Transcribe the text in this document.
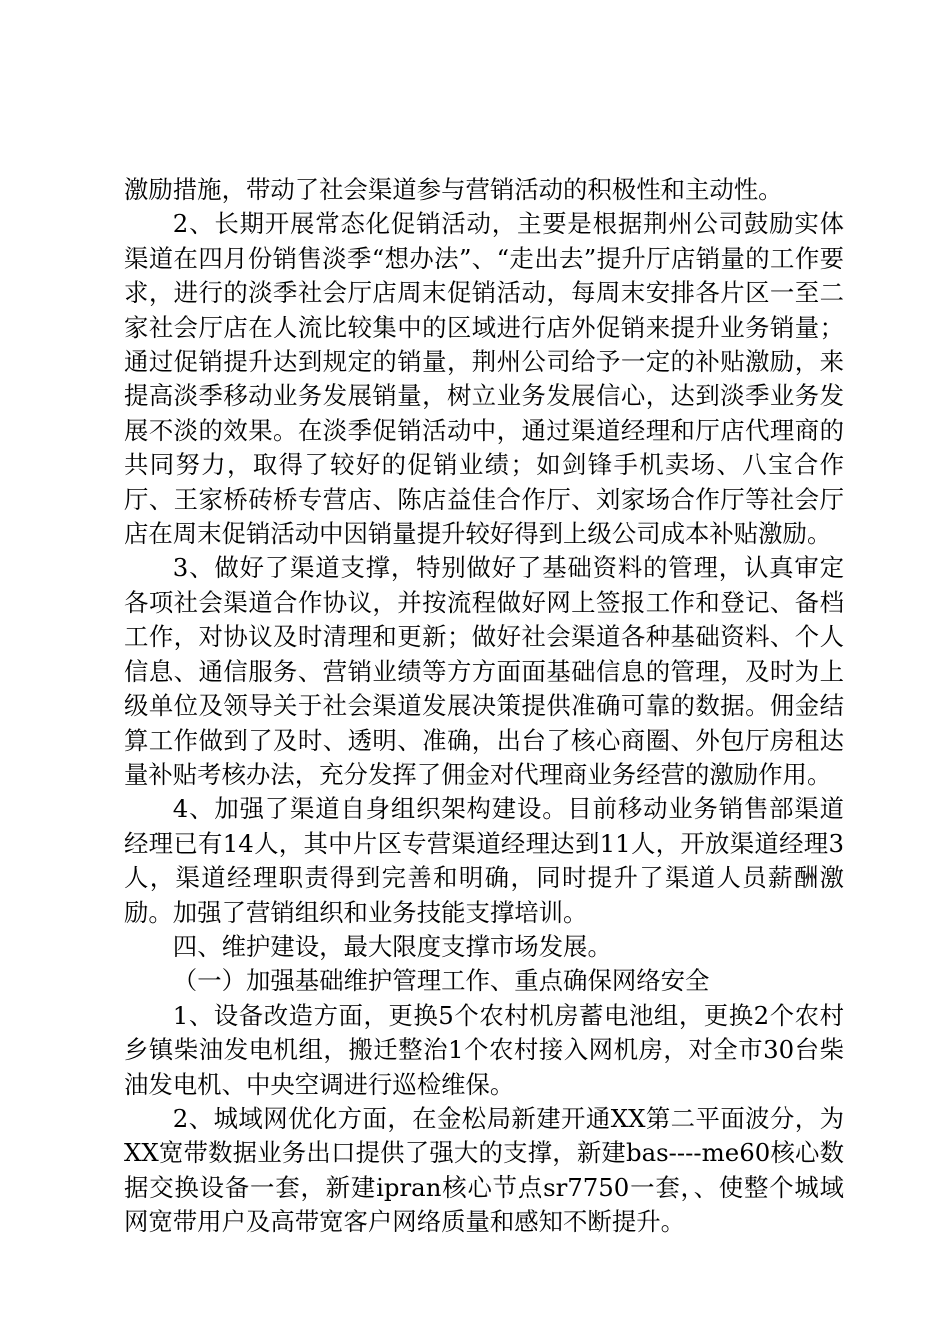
激励措施，带动了社会渠道参与营销活动的积极性和主动性。

2、长期开展常态化促销活动，主要是根据荆州公司鼓励实体渠道在四月份销售淡季“想办法”、“走出去”提升厅店销量的工作要求，进行的淡季社会厅店周末促销活动，每周末安排各片区一至二家社会厅店在人流比较集中的区域进行店外促销来提升业务销量；通过促销提升达到规定的销量，荆州公司给予一定的补贴激励，来提高淡季移动业务发展销量，树立业务发展信心，达到淡季业务发展不淡的效果。在淡季促销活动中，通过渠道经理和厅店代理商的共同努力，取得了较好的促销业绩；如剑锋手机卖场、八宝合作厅、王家桥砖桥专营店、陈店益佳合作厅、刘家场合作厅等社会厅店在周末促销活动中因销量提升较好得到上级公司成本补贴激励。

3、做好了渠道支撑，特别做好了基础资料的管理，认真审定各项社会渠道合作协议，并按流程做好网上签报工作和登记、备档工作，对协议及时清理和更新；做好社会渠道各种基础资料、个人信息、通信服务、营销业绩等方方面面基础信息的管理，及时为上级单位及领导关于社会渠道发展决策提供准确可靠的数据。佣金结算工作做到了及时、透明、准确，出台了核心商圈、外包厅房租达量补贴考核办法，充分发挥了佣金对代理商业务经营的激励作用。

4、加强了渠道自身组织架构建设。目前移动业务销售部渠道经理已有14人，其中片区专营渠道经理达到11人，开放渠道经理3人，渠道经理职责得到完善和明确，同时提升了渠道人员薪酬激励。加强了营销组织和业务技能支撑培训。

四、维护建设，最大限度支撑市场发展。

（一）加强基础维护管理工作、重点确保网络安全

1、设备改造方面，更换5个农村机房蓄电池组，更换2个农村乡镇柴油发电机组，搬迁整治1个农村接入网机房，对全市30台柴油发电机、中央空调进行巡检维保。

2、城域网优化方面，在金松局新建开通XX第二平面波分，为XX宽带数据业务出口提供了强大的支撑，新建bas----me60核心数据交换设备一套，新建ipran核心节点sr7750一套，、使整个城域网宽带用户及高带宽客户网络质量和感知不断提升。
